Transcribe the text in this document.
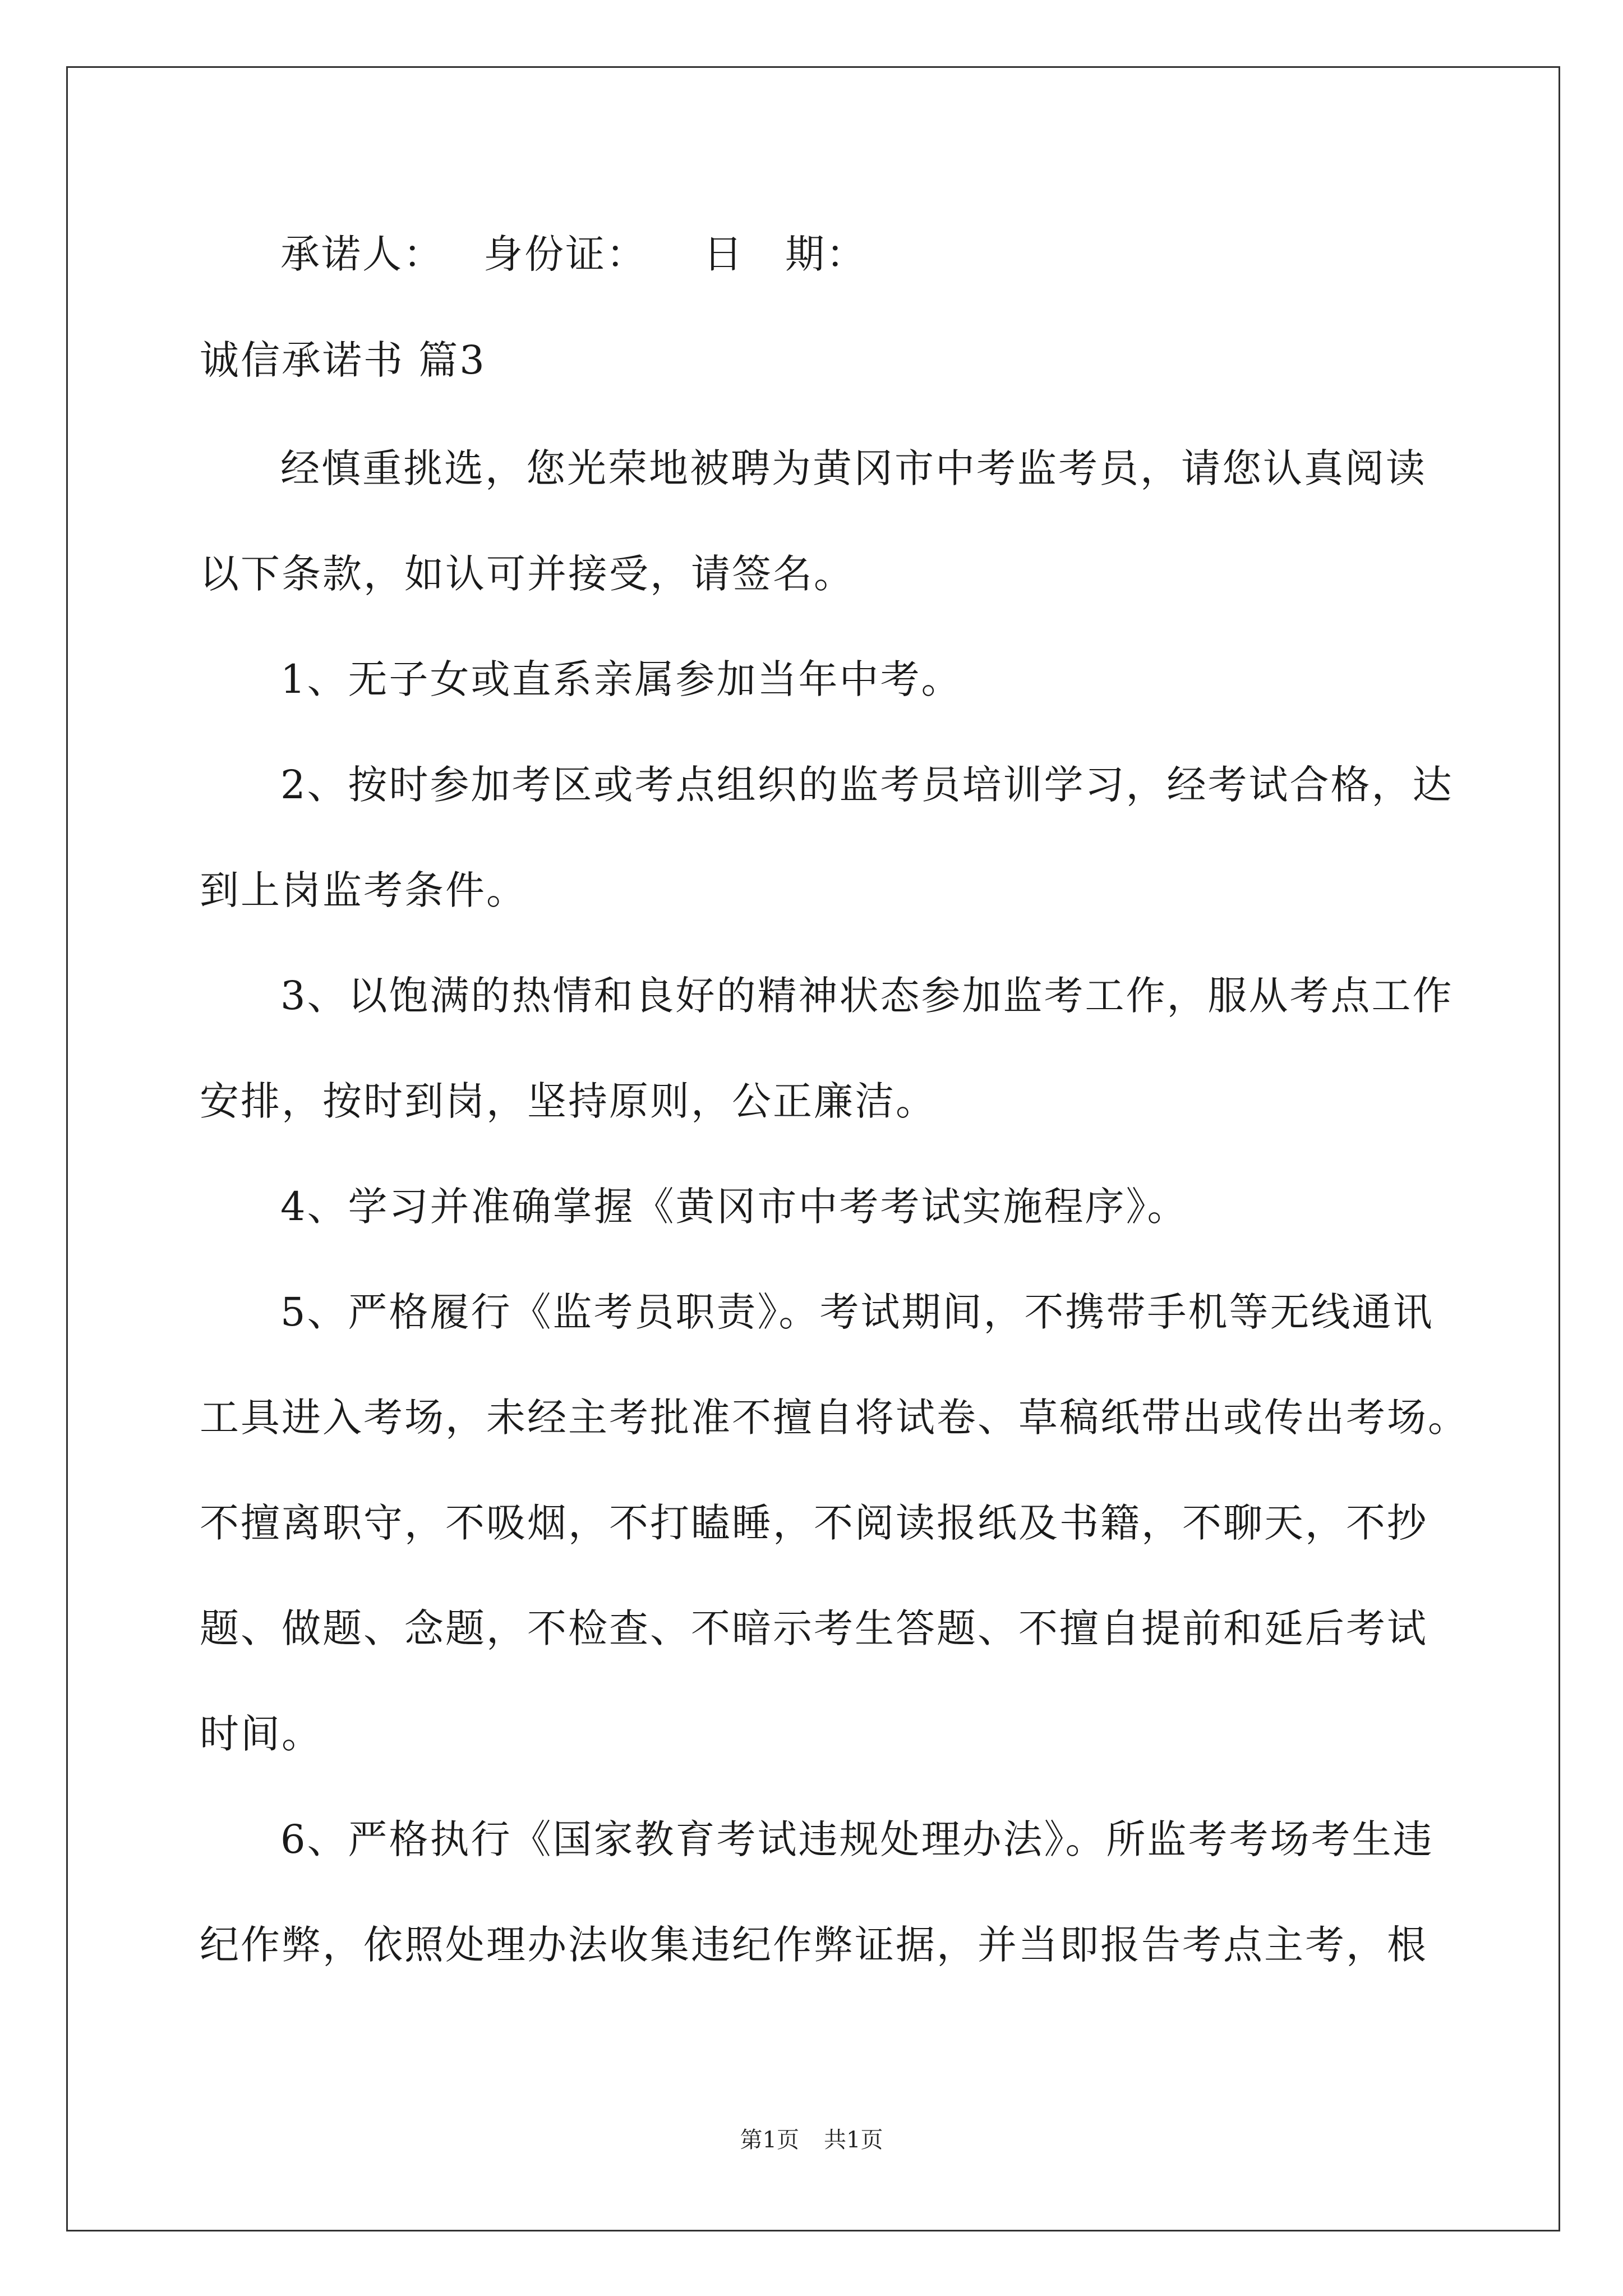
承诺人： 身份证： 日　期：
诚信承诺书 篇3
经慎重挑选，您光荣地被聘为黄冈市中考监考员，请您认真阅读
以下条款，如认可并接受，请签名。
1、无子女或直系亲属参加当年中考。
2、按时参加考区或考点组织的监考员培训学习，经考试合格，达
到上岗监考条件。
3、以饱满的热情和良好的精神状态参加监考工作，服从考点工作
安排，按时到岗，坚持原则，公正廉洁。
4、学习并准确掌握《黄冈市中考考试实施程序》。
5、严格履行《监考员职责》。考试期间，不携带手机等无线通讯
工具进入考场，未经主考批准不擅自将试卷、草稿纸带出或传出考场。
不擅离职守，不吸烟，不打瞌睡，不阅读报纸及书籍，不聊天，不抄
题、做题、念题，不检查、不暗示考生答题、不擅自提前和延后考试
时间。
6、严格执行《国家教育考试违规处理办法》。所监考考场考生违
纪作弊，依照处理办法收集违纪作弊证据，并当即报告考点主考，根
第1页 共1页
